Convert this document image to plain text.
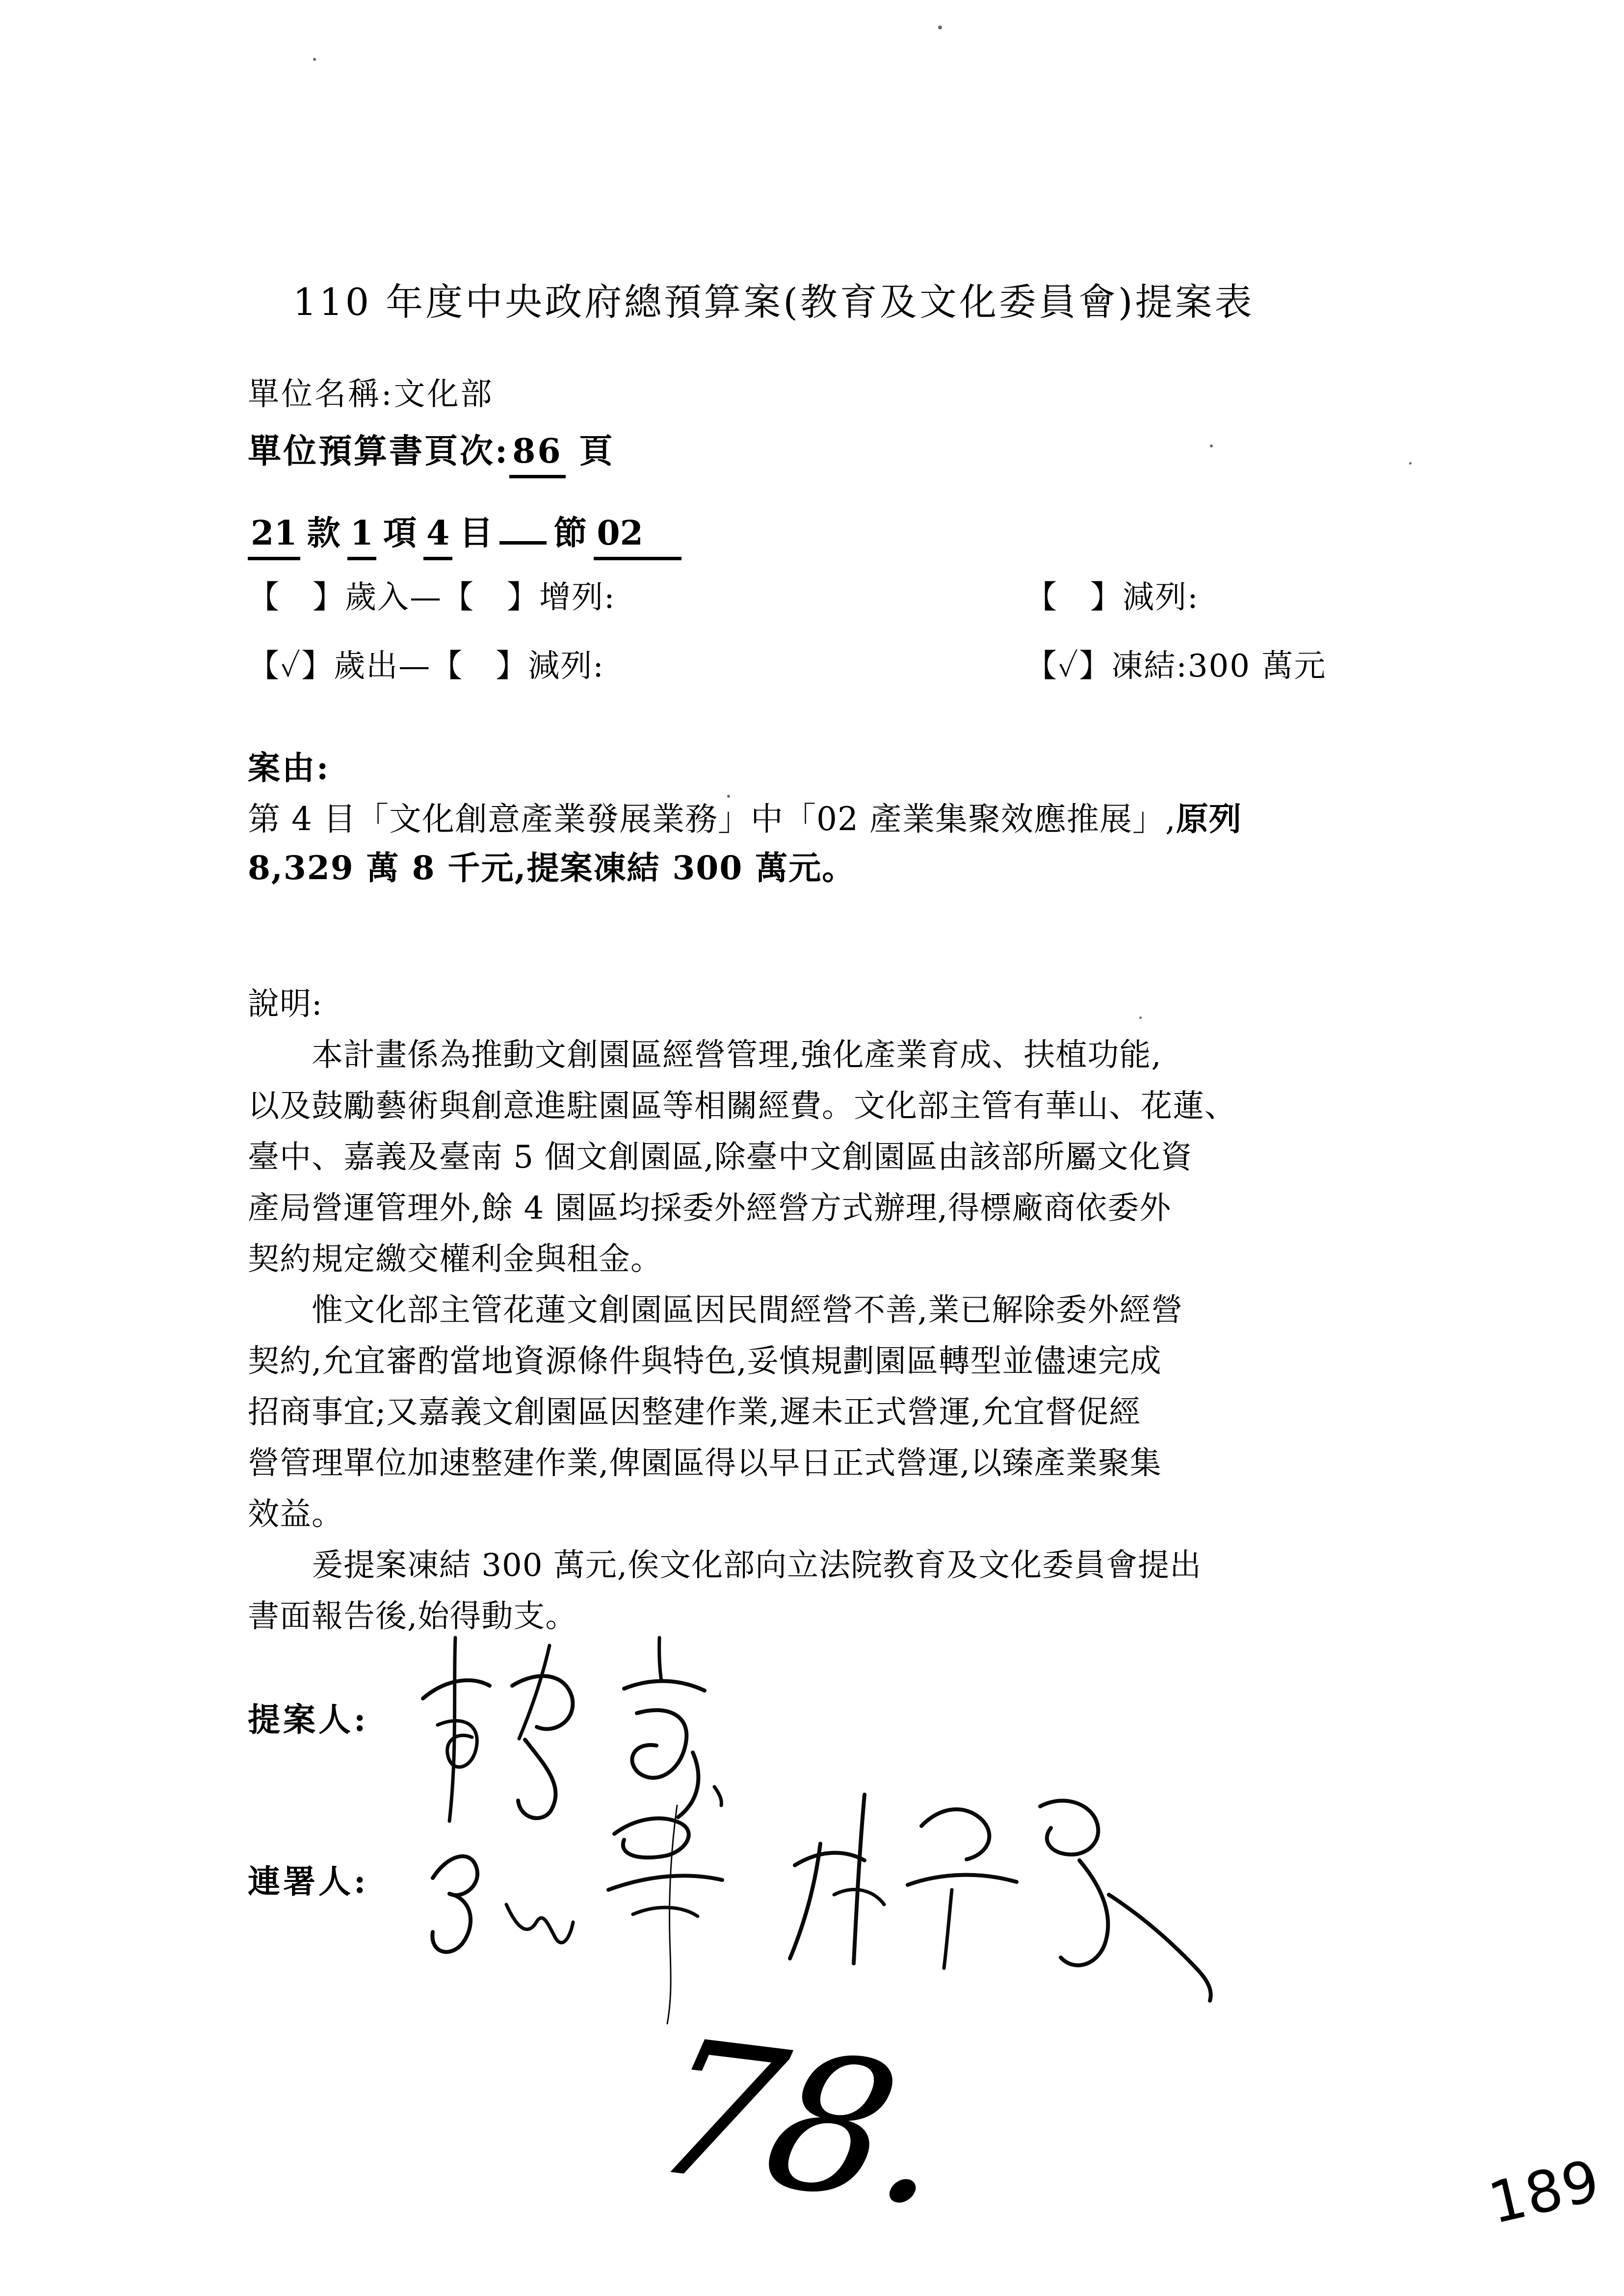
110 年度中央政府總預算案(教育及文化委員會)提案表
單位名稱:文化部
單位預算書頁次:86 頁
21 款 1 項 4 目 節 02
【　】歲入—【　】增列:	【　】減列:
【✓】歲出—【　】減列:	【✓】凍結:300 萬元
案由:
第 4 目「文化創意產業發展業務」中「02 產業集聚效應推展」,原列
8,329 萬 8 千元,提案凍結 300 萬元。
說明:
本計畫係為推動文創園區經營管理,強化產業育成、扶植功能,
以及鼓勵藝術與創意進駐園區等相關經費。文化部主管有華山、花蓮、
臺中、嘉義及臺南 5 個文創園區,除臺中文創園區由該部所屬文化資
產局營運管理外,餘 4 園區均採委外經營方式辦理,得標廠商依委外
契約規定繳交權利金與租金。
惟文化部主管花蓮文創園區因民間經營不善,業已解除委外經營
契約,允宜審酌當地資源條件與特色,妥慎規劃園區轉型並儘速完成
招商事宜;又嘉義文創園區因整建作業,遲未正式營運,允宜督促經
營管理單位加速整建作業,俾園區得以早日正式營運,以臻產業聚集
效益。
爰提案凍結 300 萬元,俟文化部向立法院教育及文化委員會提出
書面報告後,始得動支。
提案人:
連署人:
78.	189
